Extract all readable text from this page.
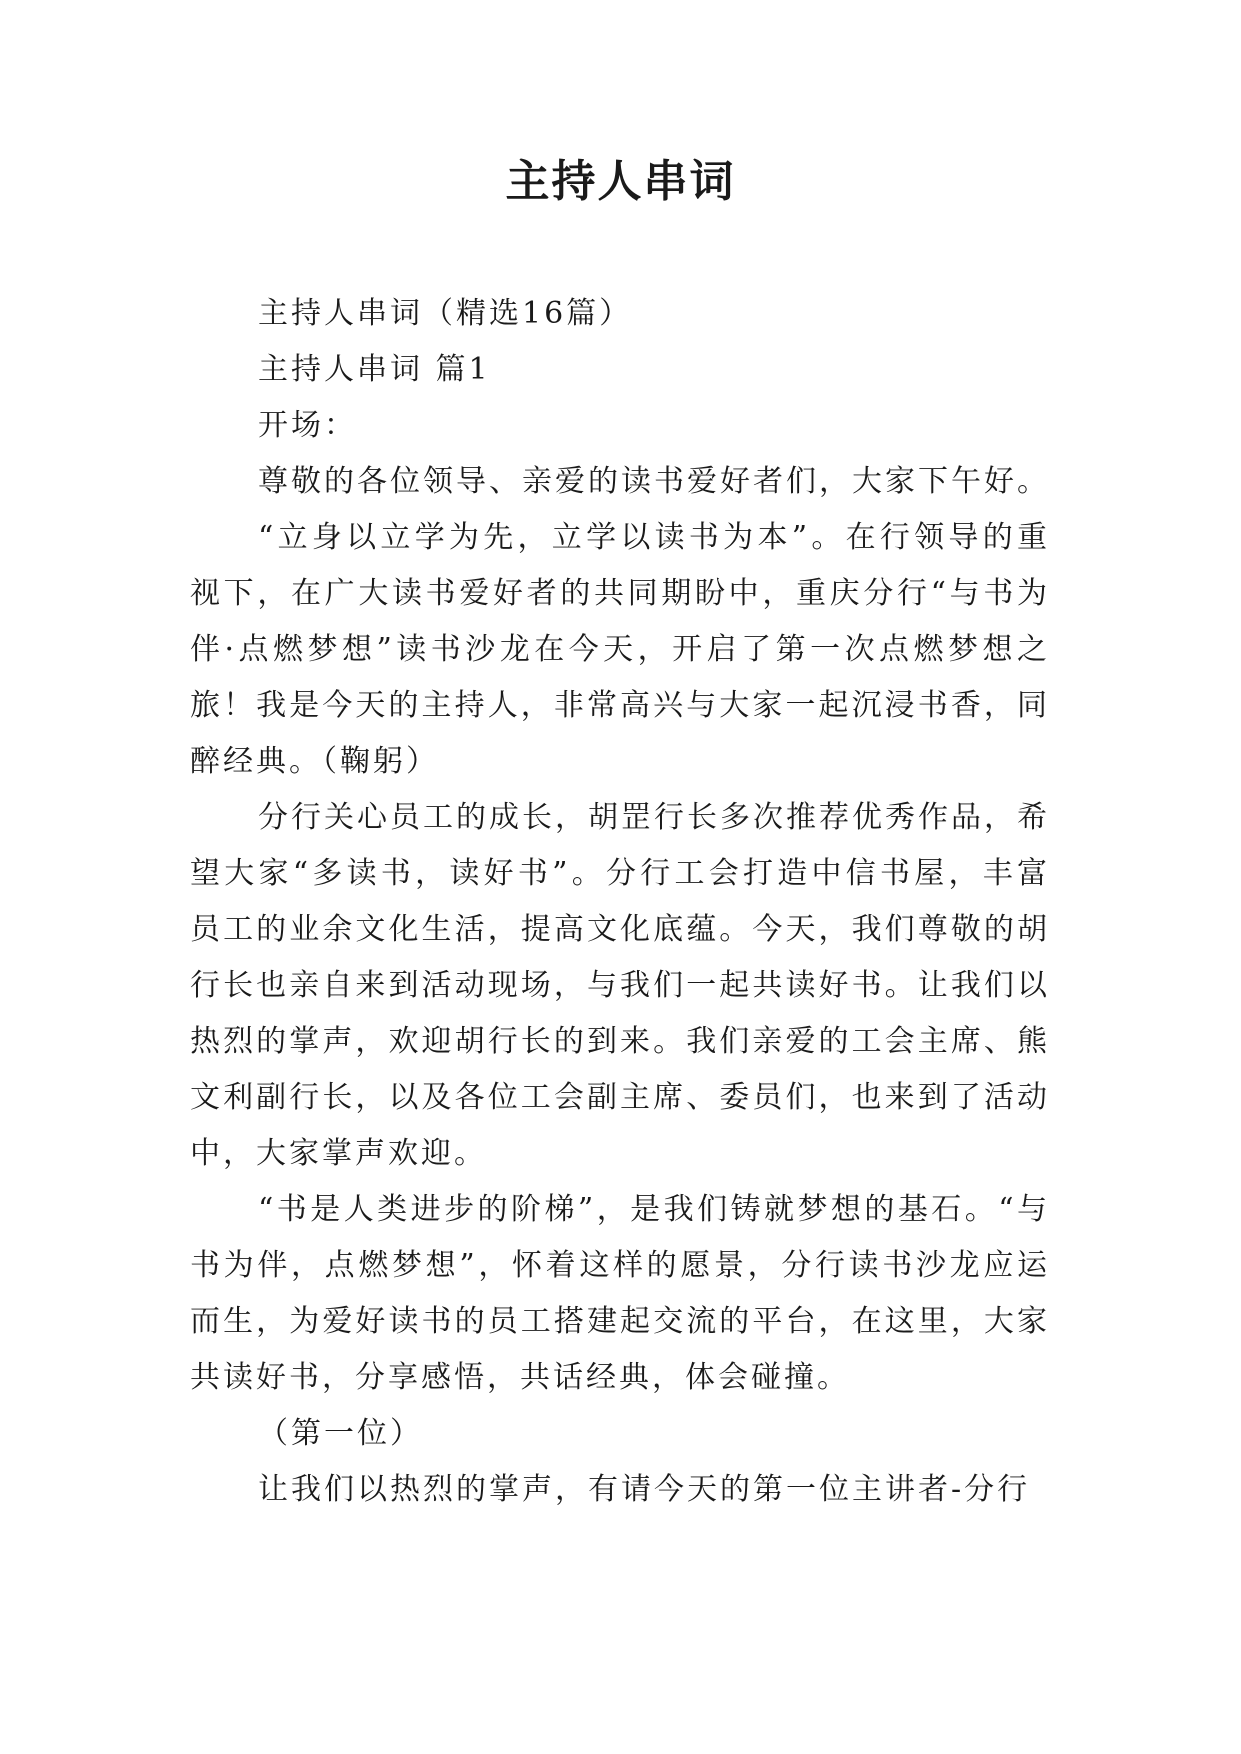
主持人串词

主持人串词（精选16篇）

主持人串词 篇1

开场：

尊敬的各位领导、亲爱的读书爱好者们，大家下午好。

“立身以立学为先，立学以读书为本”。在行领导的重视下，在广大读书爱好者的共同期盼中，重庆分行“与书为伴·点燃梦想”读书沙龙在今天，开启了第一次点燃梦想之旅！我是今天的主持人，非常高兴与大家一起沉浸书香，同醉经典。（鞠躬）

分行关心员工的成长，胡罡行长多次推荐优秀作品，希望大家“多读书，读好书”。分行工会打造中信书屋，丰富员工的业余文化生活，提高文化底蕴。今天，我们尊敬的胡行长也亲自来到活动现场，与我们一起共读好书。让我们以热烈的掌声，欢迎胡行长的到来。我们亲爱的工会主席、熊文利副行长，以及各位工会副主席、委员们，也来到了活动中，大家掌声欢迎。

“书是人类进步的阶梯”，是我们铸就梦想的基石。“与书为伴，点燃梦想”，怀着这样的愿景，分行读书沙龙应运而生，为爱好读书的员工搭建起交流的平台，在这里，大家共读好书，分享感悟，共话经典，体会碰撞。

（第一位）

让我们以热烈的掌声，有请今天的第一位主讲者-分行
